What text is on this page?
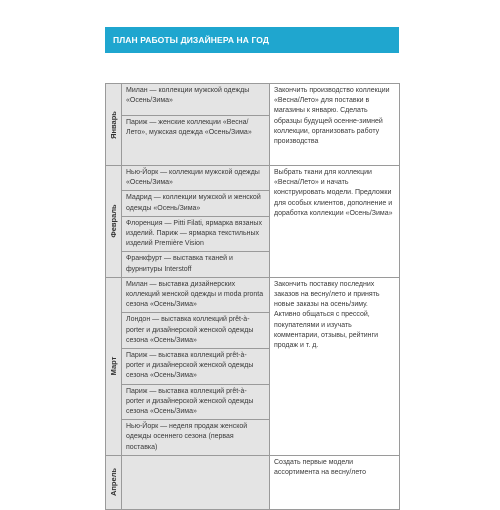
ПЛАН РАБОТЫ ДИЗАЙНЕРА НА ГОД
Январь	Милан — коллекции мужской одежды «Осень/Зима»	Закончить производство коллекции «Весна/Лето» для поставки в магазины к январю. Сделать образцы будущей осенне-зимней коллекции, организовать работу производства
	Париж — женские коллекции «Весна/Лето», мужская одежда «Осень/Зима»	

Февраль	Нью-Йорк — коллекции мужской одежды «Осень/Зима»	Выбрать ткани для коллекции «Весна/Лето» и начать конструировать модели. Предложки для особых клиентов, дополнение и доработка коллекции «Осень/Зима»
	Мадрид — коллекции мужской и женской одежды «Осень/Зима»	
	Флоренция — Pitti Filati, ярмарка вязаных изделий. Париж — ярмарка текстильных изделий Première Vision	
	Франкфурт — выставка тканей и фурнитуры Interstoff	

Март	Милан — выставка дизайнерских коллекций женской одежды и moda pronta сезона «Осень/Зима»	Закончить поставку последних заказов на весну/лето и принять новые заказы на осень/зиму. Активно общаться с прессой, покупателями и изучать комментарии, отзывы, рейтинги продаж и т. д.
	Лондон — выставка коллекций prêt-à-porter и дизайнерской женской одежды сезона «Осень/Зима»	
	Париж — выставка коллекций prêt-à-porter и дизайнерской женской одежды сезона «Осень/Зима»	
	Париж — выставка коллекций prêt-à-porter и дизайнерской женской одежды сезона «Осень/Зима»	
	Нью-Йорк — неделя продаж женской одежды осеннего сезона (первая поставка)	

Апрель		Создать первые модели ассортимента на весну/лето
